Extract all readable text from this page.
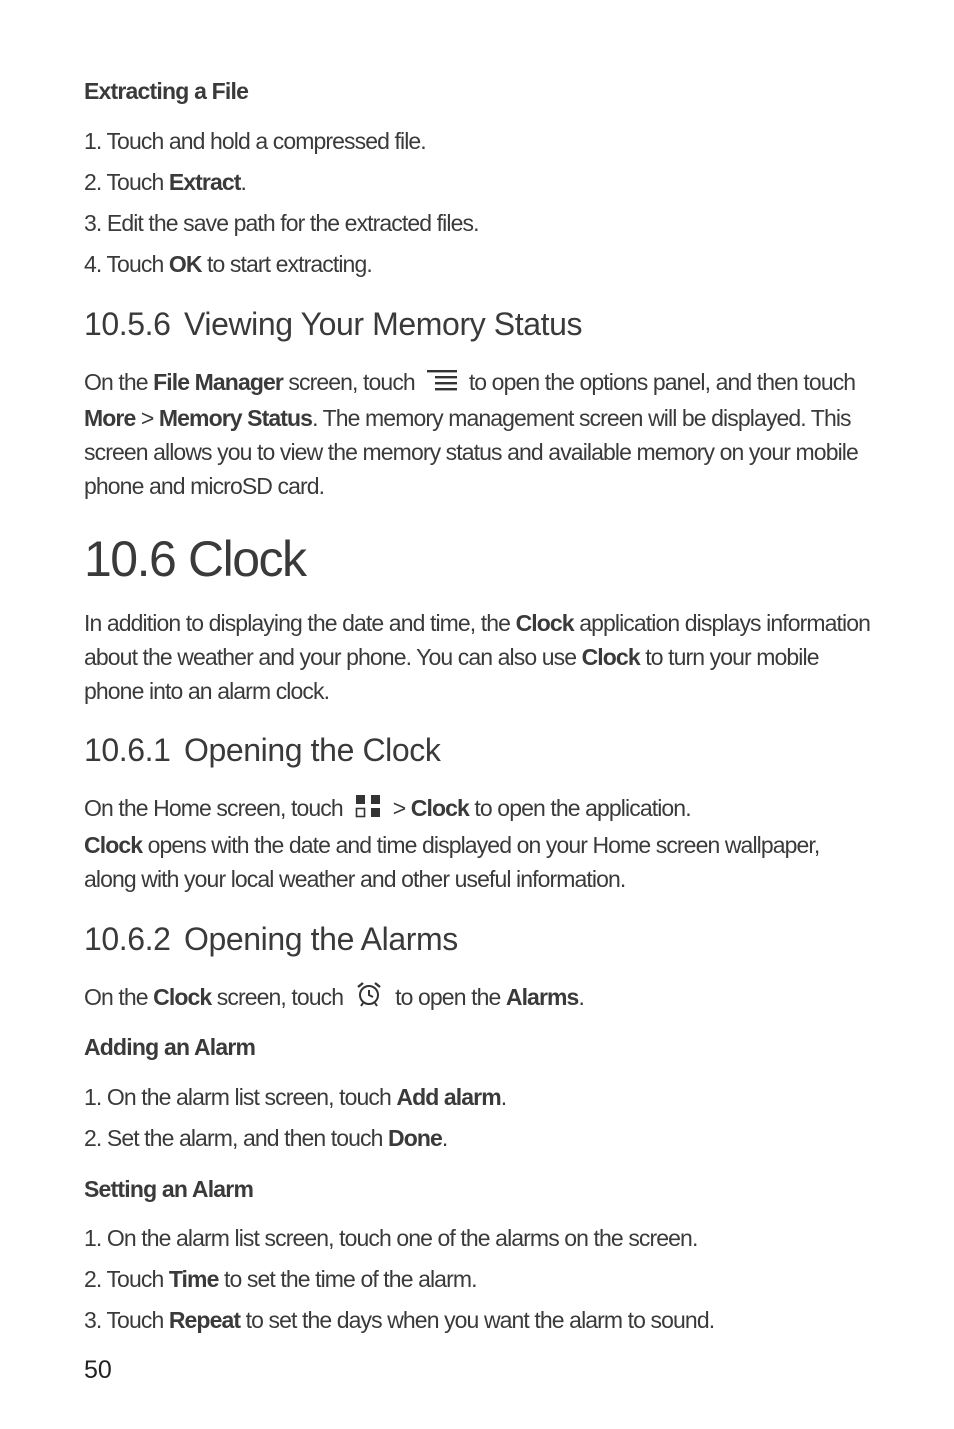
Extracting a File
1. Touch and hold a compressed file.
2. Touch Extract.
3. Edit the save path for the extracted files.
4. Touch OK to start extracting.
10.5.6 Viewing Your Memory Status
On the File Manager screen, touch to open the options panel, and then touch More > Memory Status. The memory management screen will be displayed. This screen allows you to view the memory status and available memory on your mobile phone and microSD card.
10.6 Clock
In addition to displaying the date and time, the Clock application displays information about the weather and your phone. You can also use Clock to turn your mobile phone into an alarm clock.
10.6.1 Opening the Clock
On the Home screen, touch > Clock to open the application.
Clock opens with the date and time displayed on your Home screen wallpaper, along with your local weather and other useful information.
10.6.2 Opening the Alarms
On the Clock screen, touch to open the Alarms.
Adding an Alarm
1. On the alarm list screen, touch Add alarm.
2. Set the alarm, and then touch Done.
Setting an Alarm
1. On the alarm list screen, touch one of the alarms on the screen.
2. Touch Time to set the time of the alarm.
3. Touch Repeat to set the days when you want the alarm to sound.
50
